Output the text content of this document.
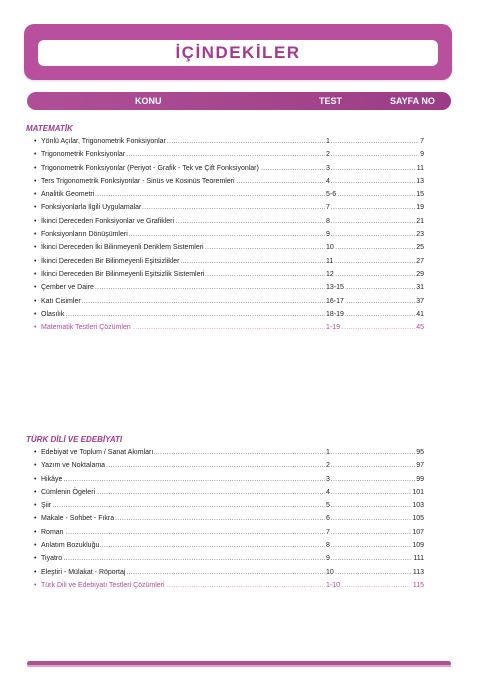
İÇİNDEKİLER
KONU	TEST	SAYFA NO
MATEMATİK
• ..... Yönlü Açılar, Trigonometrik Fonksiyonlar	1	7
• ..... Trigonometrik Fonksiyonlar	2	9
• ..... Trigonometrik Fonksiyonlar (Periyot - Grafik - Tek ve Çift Fonksiyonlar)	3	11
• ..... Ters Trigonometrik Fonksiyonlar - Sinüs ve Kosinüs Teoremleri	4	13
• ..... Analitik Geometri	5-6	15
• ..... Fonksiyonlarla İlgili Uygulamalar	7	19
• ..... İkinci Dereceden Fonksiyonlar ve Grafikleri	8	21
• ..... Fonksiyonların Dönüşümleri	9	23
• ..... İkinci Dereceden İki Bilinmeyenli Denklem Sistemleri	10	25
• ..... İkinci Dereceden Bir Bilinmeyenli Eşitsizlikler	11	27
• ..... İkinci Dereceden Bir Bilinmeyenli Eşitsizlik Sistemleri	12	29
• ..... Çember ve Daire	13-15	31
• ..... Katı Cisimler	16-17	37
• ..... Olasılık	18-19	41
• ..... Matematik Testleri Çözümleri	1-19	45
TÜRK DİLİ VE EDEBİYATI
• ..... Edebiyat ve Toplum / Sanat Akımları	1	95
• ..... Yazım ve Noktalama	2	97
• ..... Hikâye	3	99
• ..... Cümlenin Ögeleri	4	101
• ..... Şiir	5	103
• ..... Makale - Sohbet - Fıkra	6	105
• ..... Roman	7	107
• ..... Anlatım Bozukluğu	8	109
• ..... Tiyatro	9	111
• ..... Eleştiri - Mülakat - Röportaj	10	113
• ..... Türk Dili ve Edebiyatı Testleri Çözümleri	1-10	115
